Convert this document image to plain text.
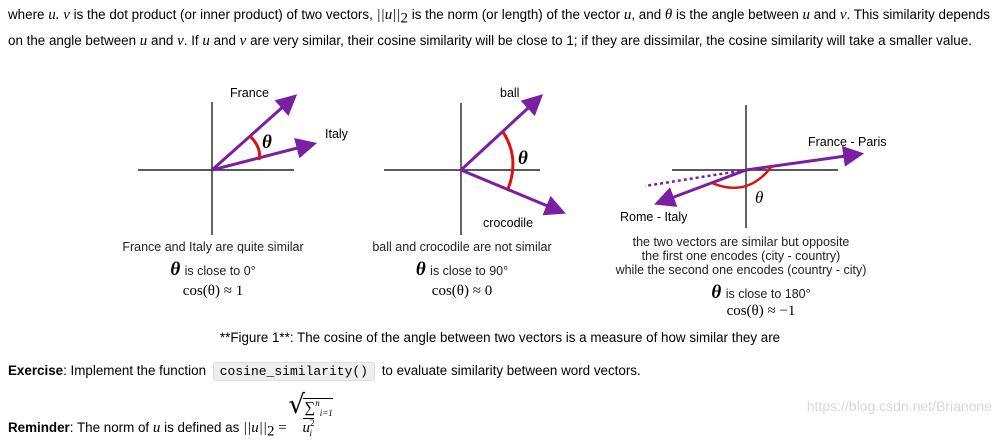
where u. v is the dot product (or inner product) of two vectors, $||u||_2$ is the norm (or length) of the vector u, and θ is the angle between u and v. This similarity depends on the angle between u and v. If u and v are very similar, their cosine similarity will be close to 1; if they are dissimilar, the cosine similarity will take a smaller value.
France
Italy
θ
ball
crocodile
θ
France - Paris
Rome - Italy
θ
France and Italy are quite similar
θ is close to 0°
cos(θ) ≈ 1
ball and crocodile are not similar
θ is close to 90°
cos(θ) ≈ 0
the two vectors are similar but opposite
the first one encodes (city - country)
while the second one encodes (country - city)
θ is close to 180°
cos(θ) ≈ −1
**Figure 1**: The cosine of the angle between two vectors is a measure of how similar they are
Exercise: Implement the function cosine_similarity() to evaluate similarity between word vectors.
Reminder: The norm of u is defined as $||u||_2$ = √ ∑$^n_{i=1}$ $u^2_i$
https://blog.csdn.net/Brianone
